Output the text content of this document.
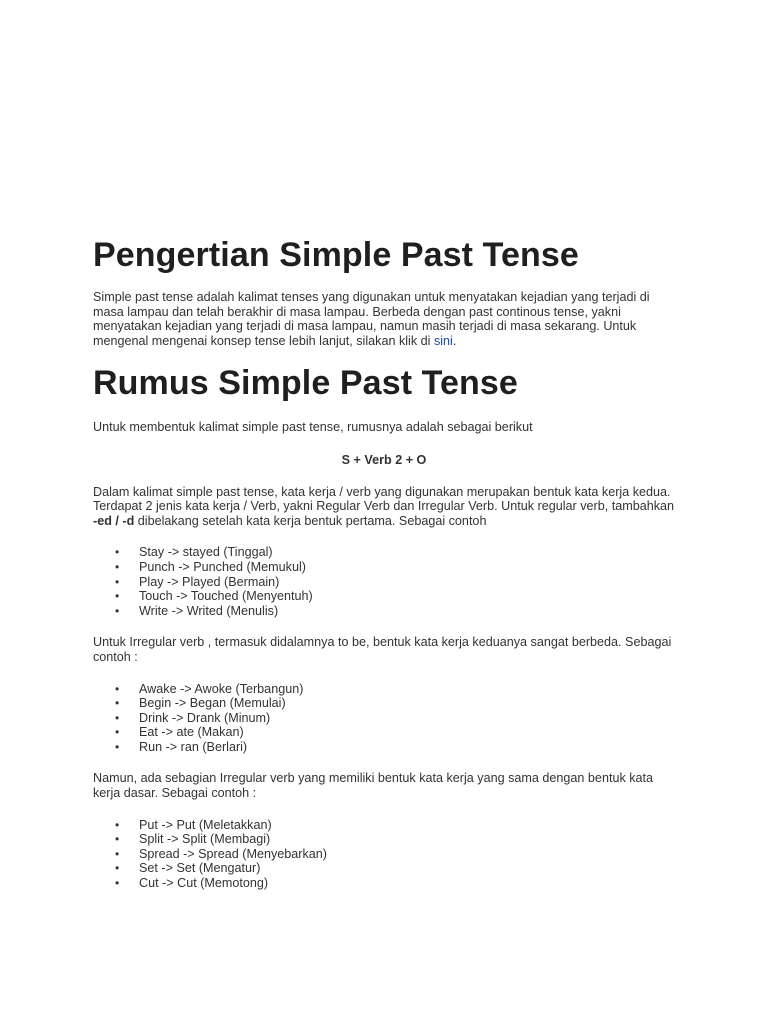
Pengertian Simple Past Tense

Simple past tense adalah kalimat tenses yang digunakan untuk menyatakan kejadian yang terjadi di masa lampau dan telah berakhir di masa lampau. Berbeda dengan past continous tense, yakni menyatakan kejadian yang terjadi di masa lampau, namun masih terjadi di masa sekarang. Untuk mengenal mengenai konsep tense lebih lanjut, silakan klik di sini.

Rumus Simple Past Tense

Untuk membentuk kalimat simple past tense, rumusnya adalah sebagai berikut

S + Verb 2 + O

Dalam kalimat simple past tense, kata kerja / verb yang digunakan merupakan bentuk kata kerja kedua. Terdapat 2 jenis kata kerja / Verb, yakni Regular Verb dan Irregular Verb. Untuk regular verb, tambahkan -ed / -d dibelakang setelah kata kerja bentuk pertama. Sebagai contoh

• Stay -> stayed (Tinggal)
• Punch -> Punched (Memukul)
• Play -> Played (Bermain)
• Touch -> Touched (Menyentuh)
• Write -> Writed (Menulis)

Untuk Irregular verb , termasuk didalamnya to be, bentuk kata kerja keduanya sangat berbeda. Sebagai contoh :

• Awake -> Awoke (Terbangun)
• Begin -> Began (Memulai)
• Drink -> Drank (Minum)
• Eat -> ate (Makan)
• Run -> ran (Berlari)

Namun, ada sebagian Irregular verb yang memiliki bentuk kata kerja yang sama dengan bentuk kata kerja dasar. Sebagai contoh :

• Put -> Put (Meletakkan)
• Split -> Split (Membagi)
• Spread -> Spread (Menyebarkan)
• Set -> Set (Mengatur)
• Cut -> Cut (Memotong)
